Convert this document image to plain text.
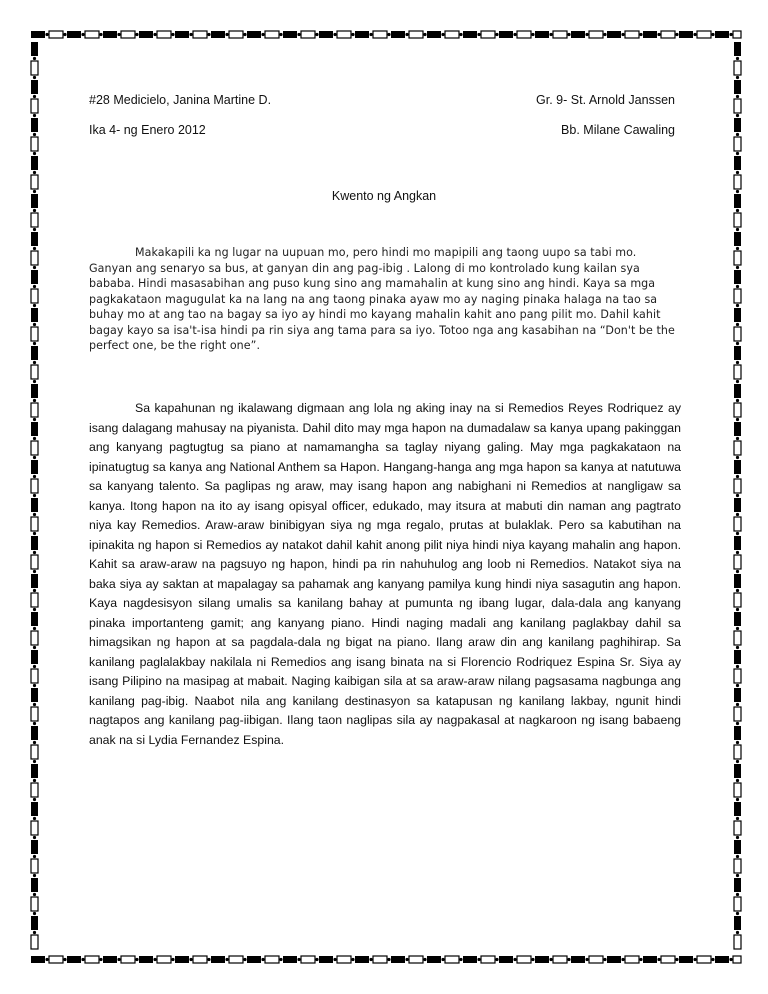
#28 Medicielo, Janina Martine D.	Gr. 9- St. Arnold Janssen
Ika 4- ng Enero 2012	Bb. Milane Cawaling
Kwento ng Angkan

Makakapili ka ng lugar na uupuan mo, pero hindi mo mapipili ang taong uupo sa tabi mo. Ganyan ang senaryo sa bus, at ganyan din ang pag-ibig . Lalong di mo kontrolado kung kailan sya bababa. Hindi masasabihan ang puso kung sino ang mamahalin at kung sino ang hindi. Kaya sa mga pagkakataon magugulat ka na lang na ang taong pinaka ayaw mo ay naging pinaka halaga na tao sa buhay mo at ang tao na bagay sa iyo ay hindi mo kayang mahalin kahit ano pang pilit mo. Dahil kahit bagay kayo sa isa't-isa hindi pa rin siya ang tama para sa iyo. Totoo nga ang kasabihan na “Don't be the perfect one, be the right one”.

Sa kapahunan ng ikalawang digmaan ang lola ng aking inay na si Remedios Reyes Rodriquez ay isang dalagang mahusay na piyanista. Dahil dito may mga hapon na dumadalaw sa kanya upang pakinggan ang kanyang pagtugtug sa piano at namamangha sa taglay niyang galing. May mga pagkakataon na ipinatugtug sa kanya ang National Anthem sa Hapon. Hangang-hanga ang mga hapon sa kanya at natutuwa sa kanyang talento. Sa paglipas ng araw, may isang hapon ang nabighani ni Remedios at nangligaw sa kanya. Itong hapon na ito ay isang opisyal officer, edukado, may itsura at mabuti din naman ang pagtrato niya kay Remedios. Araw-araw binibigyan siya ng mga regalo, prutas at bulaklak. Pero sa kabutihan na ipinakita ng hapon si Remedios ay natakot dahil kahit anong pilit niya hindi niya kayang mahalin ang hapon. Kahit sa araw-araw na pagsuyo ng hapon, hindi pa rin nahuhulog ang loob ni Remedios. Natakot siya na baka siya ay saktan at mapalagay sa pahamak ang kanyang pamilya kung hindi niya sasagutin ang hapon. Kaya nagdesisyon silang umalis sa kanilang bahay at pumunta ng ibang lugar, dala-dala ang kanyang pinaka importanteng gamit; ang kanyang piano. Hindi naging madali ang kanilang paglakbay dahil sa himagsikan ng hapon at sa pagdala-dala ng bigat na piano. Ilang araw din ang kanilang paghihirap. Sa kanilang paglalakbay nakilala ni Remedios ang isang binata na si Florencio Rodriquez Espina Sr. Siya ay isang Pilipino na masipag at mabait. Naging kaibigan sila at sa araw-araw nilang pagsasama nagbunga ang kanilang pag-ibig. Naabot nila ang kanilang destinasyon sa katapusan ng kanilang lakbay, ngunit hindi nagtapos ang kanilang pag-iibigan. Ilang taon naglipas sila ay nagpakasal at nagkaroon ng isang babaeng anak na si Lydia Fernandez Espina.
